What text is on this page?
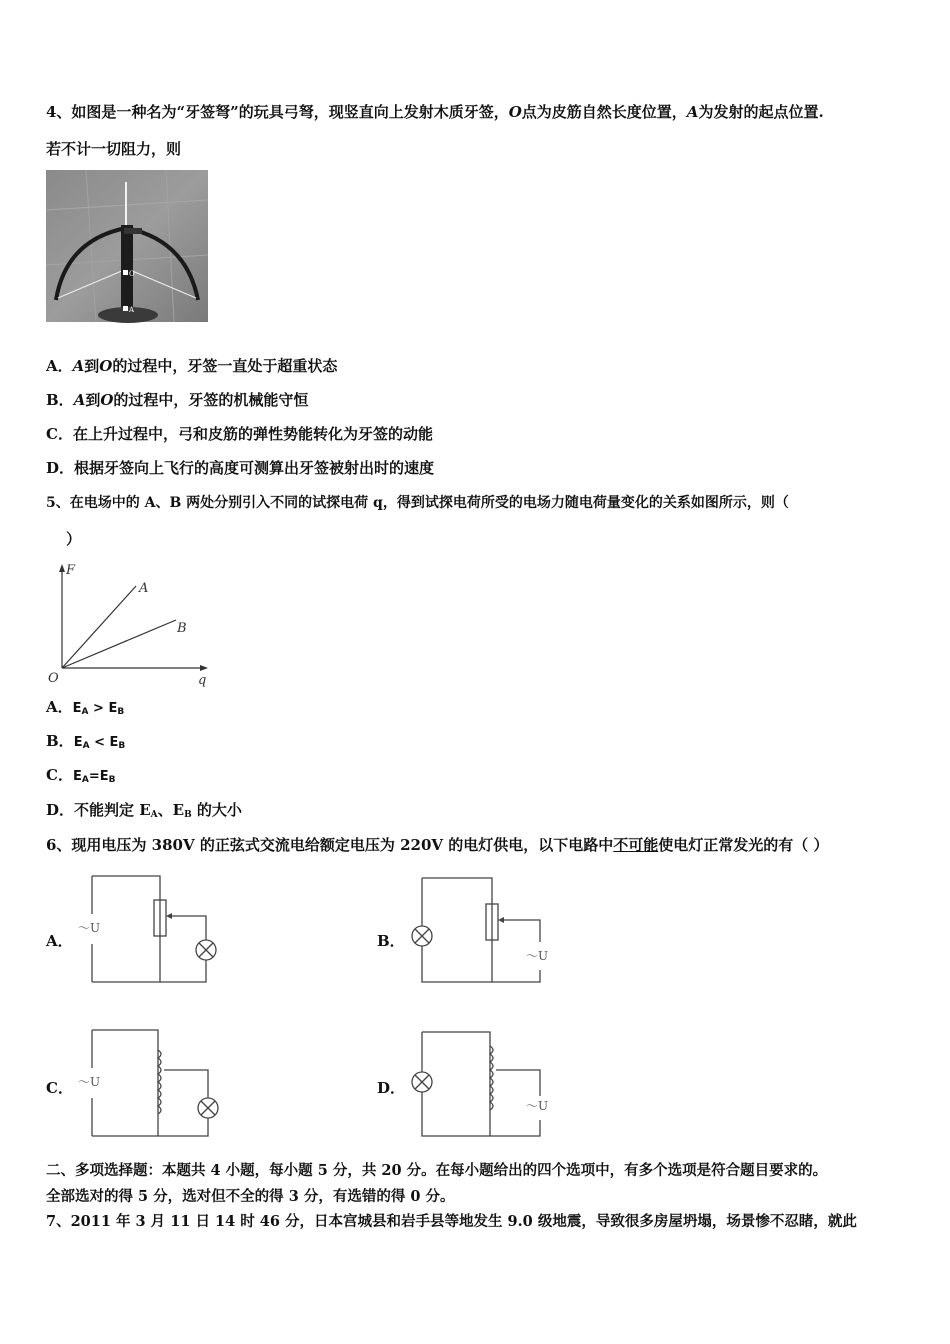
4、如图是一种名为“牙签弩”的玩具弓弩，现竖直向上发射木质牙签，O点为皮筋自然长度位置，A为发射的起点位置.
若不计一切阻力，则
O
A
A．A到O的过程中，牙签一直处于超重状态
B．A到O的过程中，牙签的机械能守恒
C．在上升过程中，弓和皮筋的弹性势能转化为牙签的动能
D．根据牙签向上飞行的高度可测算出牙签被射出时的速度
5、在电场中的 A、B 两处分别引入不同的试探电荷 q，得到试探电荷所受的电场力随电荷量变化的关系如图所示，则（
）
F
q
O
A
B
A．$E_A > E_B$
B．$E_A < E_B$
C．$E_A=E_B$
D．不能判定 $E_A$、$E_B$ 的大小
6、现用电压为 380V 的正弦式交流电给额定电压为 220V 的电灯供电，以下电路中不可能使电灯正常发光的有（ ）
A．
～U
B．
～U
C． ～U	D．
～U
二、多项选择题：本题共 4 小题，每小题 5 分，共 20 分。在每小题给出的四个选项中，有多个选项是符合题目要求的。
全部选对的得 5 分，选对但不全的得 3 分，有选错的得 0 分。
7、2011 年 3 月 11 日 14 时 46 分，日本宫城县和岩手县等地发生 9.0 级地震，导致很多房屋坍塌，场景惨不忍睹，就此
